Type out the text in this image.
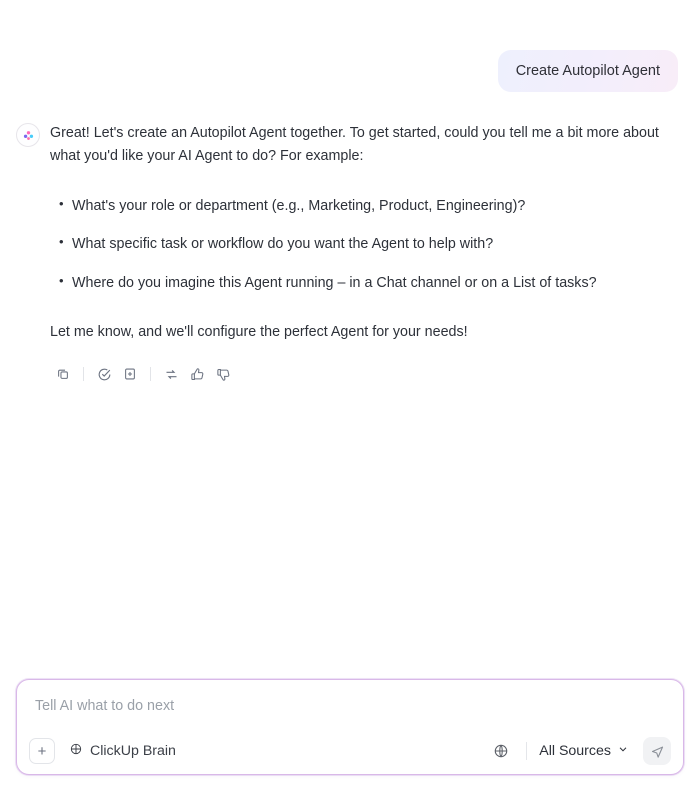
Create Autopilot Agent

Great! Let's create an Autopilot Agent together. To get started, could you tell me a bit more about what you'd like your AI Agent to do? For example:

• What's your role or department (e.g., Marketing, Product, Engineering)?
• What specific task or workflow do you want the Agent to help with?
• Where do you imagine this Agent running – in a Chat channel or on a List of tasks?

Let me know, and we'll configure the perfect Agent for your needs!

Tell AI what to do next
+	ClickUp Brain	All Sources
